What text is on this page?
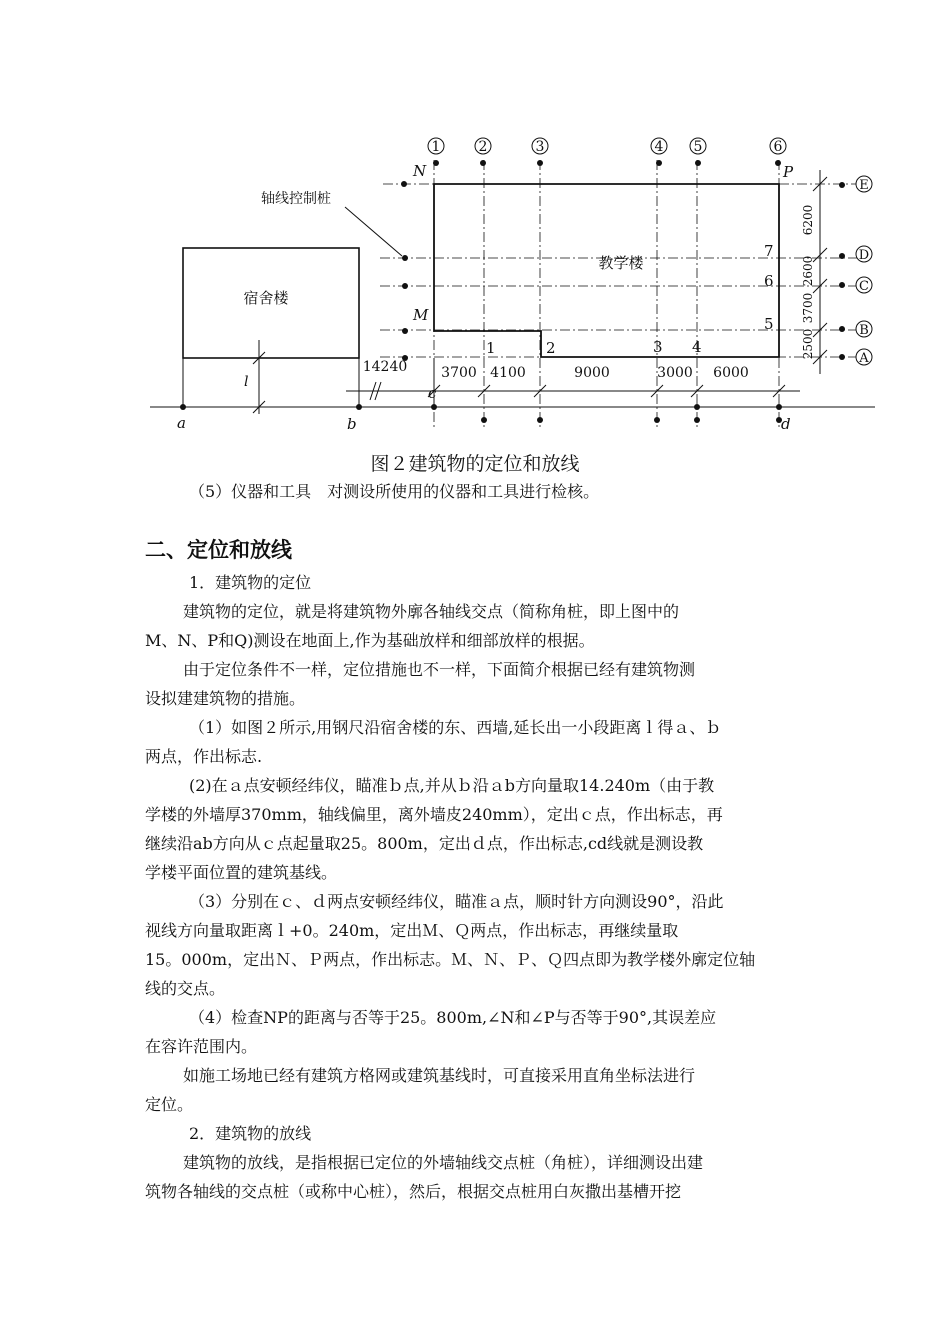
宿舍楼
教学楼
1	2	3	4 5	6
E
D
C
B
A
轴线控制桩
N	P
M
1	2	3 4
7
6
5
6200
2600
3700
2500
14240 3700 4100	9000	3000 6000
l
a	b
c
d
图２建筑物的定位和放线
（5）仪器和工具　对测设所使用的仪器和工具进行检核。
二、定位和放线
1．建筑物的定位
建筑物的定位，就是将建筑物外廓各轴线交点（简称角桩，即上图中的
M、N、P和Q)测设在地面上,作为基础放样和细部放样的根据。
由于定位条件不一样，定位措施也不一样，下面简介根据已经有建筑物测
设拟建建筑物的措施。
（1）如图２所示,用钢尺沿宿舍楼的东、西墙,延长出一小段距离ｌ得ａ、ｂ
两点，作出标志.
(2)在ａ点安顿经纬仪，瞄准ｂ点,并从ｂ沿ａb方向量取14.240m（由于教
学楼的外墙厚370mm，轴线偏里，离外墙皮240mm），定出ｃ点，作出标志，再
继续沿ab方向从ｃ点起量取25。800m，定出ｄ点，作出标志,cd线就是测设教
学楼平面位置的建筑基线。
（3）分别在ｃ、ｄ两点安顿经纬仪，瞄准ａ点，顺时针方向测设90°，沿此
视线方向量取距离ｌ+0。240m，定出Ｍ、Ｑ两点，作出标志，再继续量取
15。000m，定出Ｎ、Ｐ两点，作出标志。Ｍ、Ｎ、Ｐ、Ｑ四点即为教学楼外廓定位轴
线的交点。
（4）检查NP的距离与否等于25。800m,∠N和∠P与否等于90°,其误差应
在容许范围内。
如施工场地已经有建筑方格网或建筑基线时，可直接采用直角坐标法进行
定位。
2．建筑物的放线
建筑物的放线，是指根据已定位的外墙轴线交点桩（角桩），详细测设出建
筑物各轴线的交点桩（或称中心桩），然后，根据交点桩用白灰撒出基槽开挖
